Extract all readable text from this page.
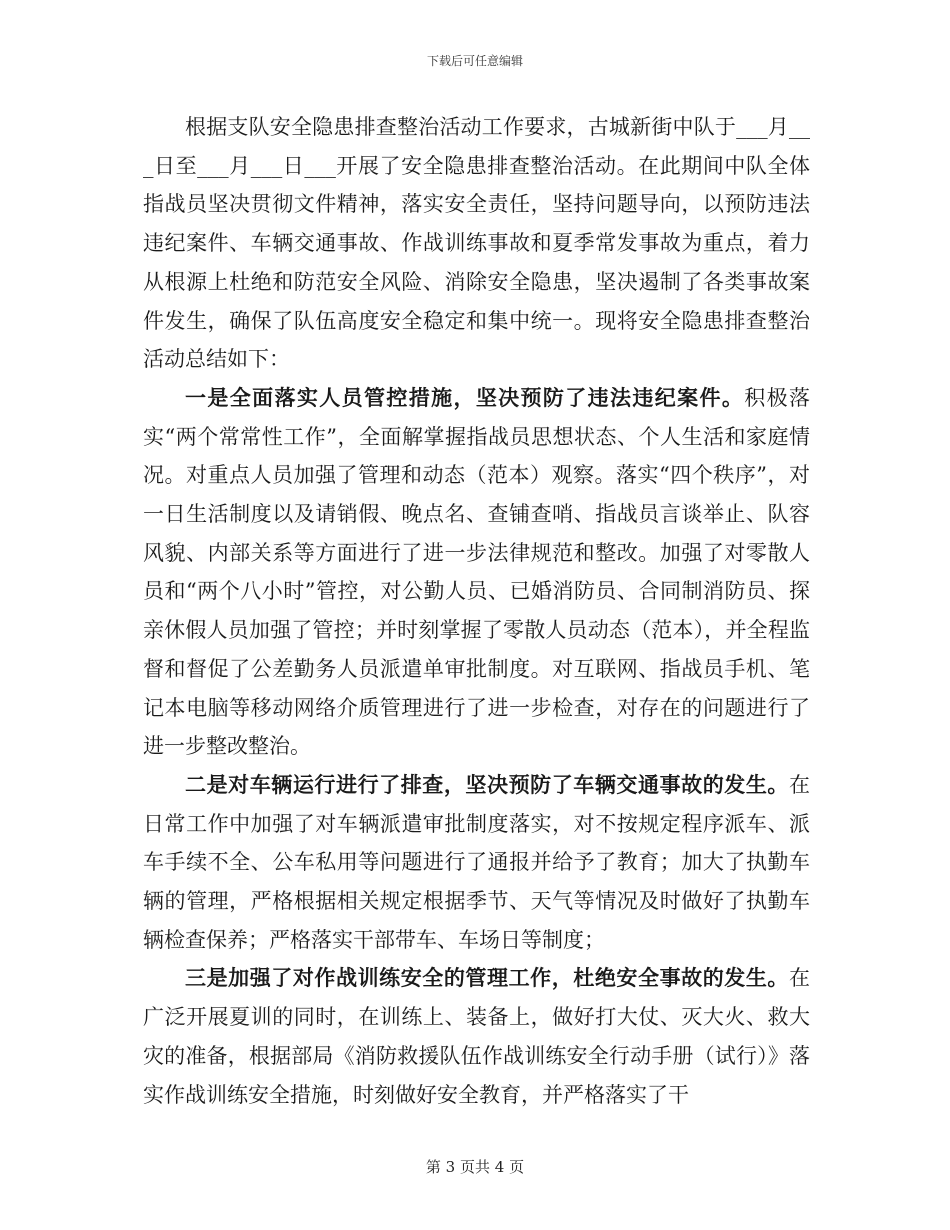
下载后可任意编辑

根据支队安全隐患排查整治活动工作要求，古城新街中队于___月___日至___月___日___开展了安全隐患排查整治活动。在此期间中队全体指战员坚决贯彻文件精神，落实安全责任，坚持问题导向，以预防违法违纪案件、车辆交通事故、作战训练事故和夏季常发事故为重点，着力从根源上杜绝和防范安全风险、消除安全隐患，坚决遏制了各类事故案件发生，确保了队伍高度安全稳定和集中统一。现将安全隐患排查整治活动总结如下：

一是全面落实人员管控措施，坚决预防了违法违纪案件。积极落实“两个常常性工作”，全面解掌握指战员思想状态、个人生活和家庭情况。对重点人员加强了管理和动态（范本）观察。落实“四个秩序”，对一日生活制度以及请销假、晚点名、查铺查哨、指战员言谈举止、队容风貌、内部关系等方面进行了进一步法律规范和整改。加强了对零散人员和“两个八小时”管控，对公勤人员、已婚消防员、合同制消防员、探亲休假人员加强了管控；并时刻掌握了零散人员动态（范本），并全程监督和督促了公差勤务人员派遣单审批制度。对互联网、指战员手机、笔记本电脑等移动网络介质管理进行了进一步检查，对存在的问题进行了进一步整改整治。

二是对车辆运行进行了排查，坚决预防了车辆交通事故的发生。在日常工作中加强了对车辆派遣审批制度落实，对不按规定程序派车、派车手续不全、公车私用等问题进行了通报并给予了教育；加大了执勤车辆的管理，严格根据相关规定根据季节、天气等情况及时做好了执勤车辆检查保养；严格落实干部带车、车场日等制度；

三是加强了对作战训练安全的管理工作，杜绝安全事故的发生。在广泛开展夏训的同时，在训练上、装备上，做好打大仗、灭大火、救大灾的准备，根据部局《消防救援队伍作战训练安全行动手册（试行）》落实作战训练安全措施，时刻做好安全教育，并严格落实了干

第 3 页共 4 页
